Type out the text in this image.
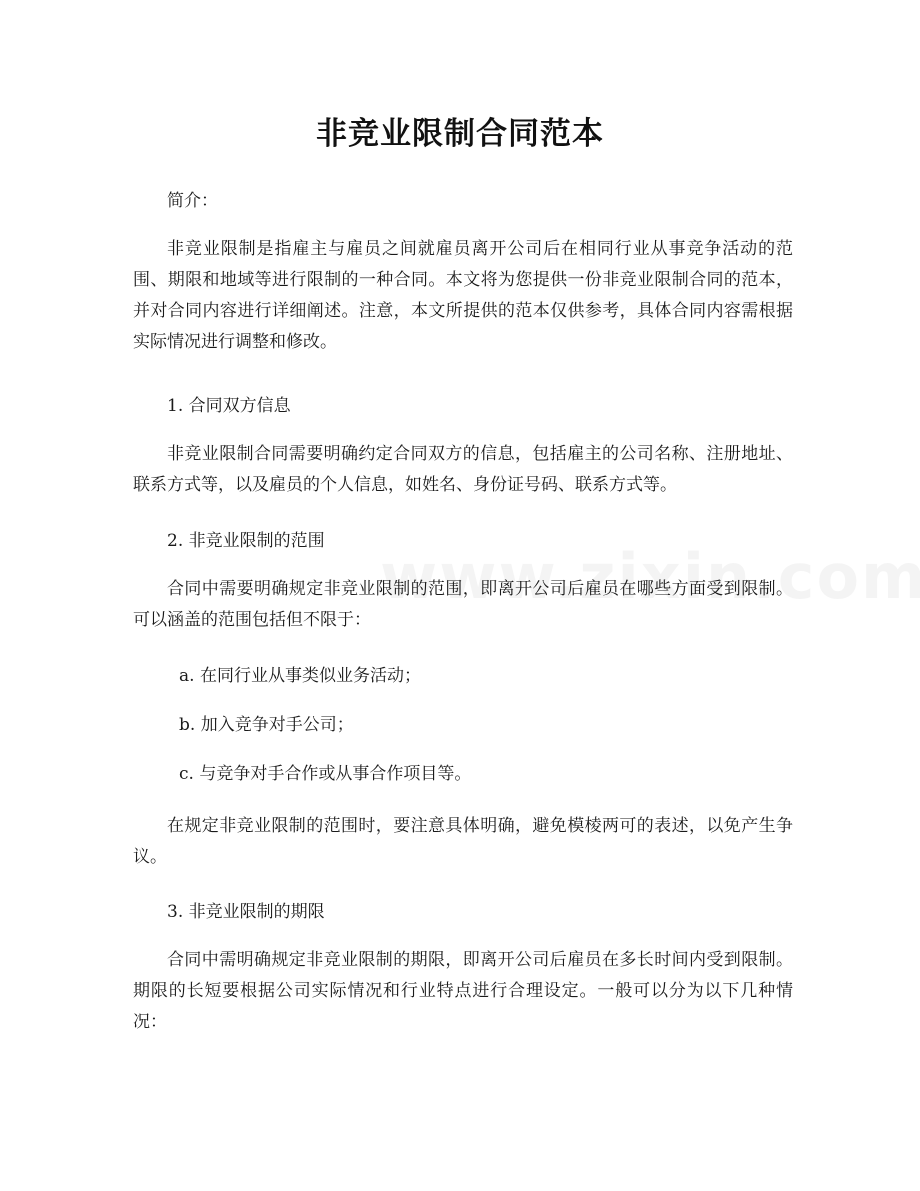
非竞业限制合同范本

简介：

非竞业限制是指雇主与雇员之间就雇员离开公司后在相同行业从事竞争活动的范围、期限和地域等进行限制的一种合同。本文将为您提供一份非竞业限制合同的范本，并对合同内容进行详细阐述。注意，本文所提供的范本仅供参考，具体合同内容需根据实际情况进行调整和修改。

1. 合同双方信息

非竞业限制合同需要明确约定合同双方的信息，包括雇主的公司名称、注册地址、联系方式等，以及雇员的个人信息，如姓名、身份证号码、联系方式等。

2. 非竞业限制的范围

合同中需要明确规定非竞业限制的范围，即离开公司后雇员在哪些方面受到限制。可以涵盖的范围包括但不限于：

a. 在同行业从事类似业务活动；

b. 加入竞争对手公司；

c. 与竞争对手合作或从事合作项目等。

在规定非竞业限制的范围时，要注意具体明确，避免模棱两可的表述，以免产生争议。

3. 非竞业限制的期限

合同中需明确规定非竞业限制的期限，即离开公司后雇员在多长时间内受到限制。期限的长短要根据公司实际情况和行业特点进行合理设定。一般可以分为以下几种情况：
